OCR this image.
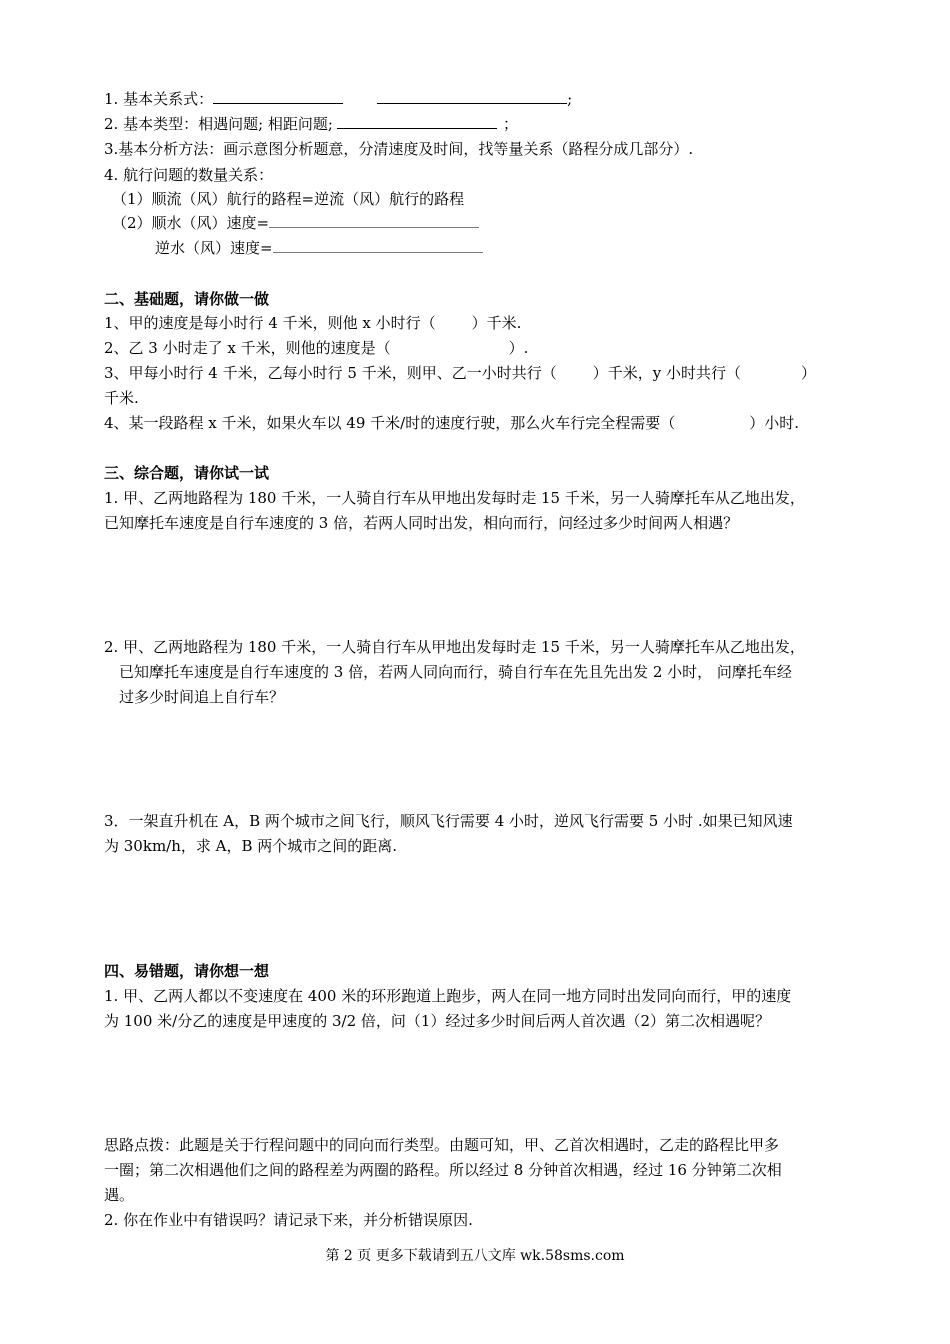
1. 基本关系式：	;
2. 基本类型：相遇问题; 相距问题;	；
3.基本分析方法：画示意图分析题意，分清速度及时间，找等量关系（路程分成几部分）.
4. 航行问题的数量关系：
（1）顺流（风）航行的路程=逆流（风）航行的路程
（2）顺水（风）速度=
逆水（风）速度=
二、基础题，请你做一做
1、甲的速度是每小时行 4 千米，则他 x 小时行（ ）千米.
2、乙 3 小时走了 x 千米，则他的速度是（	）.
3、甲每小时行 4 千米，乙每小时行 5 千米，则甲、乙一小时共行（ ）千米，y 小时共行（	）
千米.
4、某一段路程 x 千米，如果火车以 49 千米/时的速度行驶，那么火车行完全程需要（	）小时.
三、综合题，请你试一试
1. 甲、乙两地路程为 180 千米，一人骑自行车从甲地出发每时走 15 千米，另一人骑摩托车从乙地出发，
已知摩托车速度是自行车速度的 3 倍，若两人同时出发，相向而行，问经过多少时间两人相遇？
2. 甲、乙两地路程为 180 千米，一人骑自行车从甲地出发每时走 15 千米，另一人骑摩托车从乙地出发，
已知摩托车速度是自行车速度的 3 倍，若两人同向而行，骑自行车在先且先出发 2 小时， 问摩托车经
过多少时间追上自行车？
3．一架直升机在 A，B 两个城市之间飞行，顺风飞行需要 4 小时，逆风飞行需要 5 小时 .如果已知风速
为 30km/h，求 A，B 两个城市之间的距离.
四、易错题，请你想一想
1. 甲、乙两人都以不变速度在 400 米的环形跑道上跑步，两人在同一地方同时出发同向而行，甲的速度
为 100 米/分乙的速度是甲速度的 3/2 倍，问（1）经过多少时间后两人首次遇（2）第二次相遇呢？
思路点拨：此题是关于行程问题中的同向而行类型。由题可知，甲、乙首次相遇时，乙走的路程比甲多
一圈；第二次相遇他们之间的路程差为两圈的路程。所以经过 8 分钟首次相遇，经过 16 分钟第二次相
遇。
2. 你在作业中有错误吗？请记录下来，并分析错误原因.
第 2 页 更多下载请到五八文库 wk.58sms.com
